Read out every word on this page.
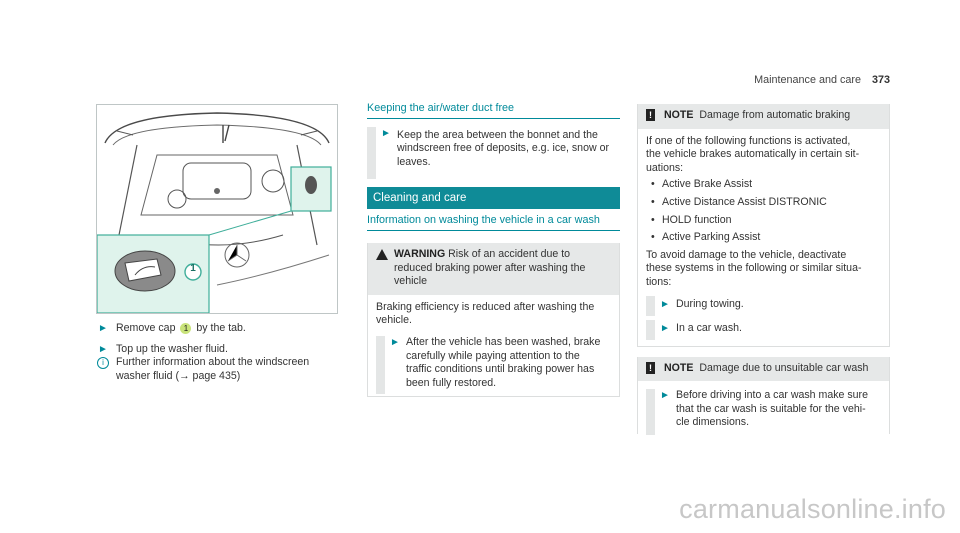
Maintenance and care 373
1
► Remove cap 1 by the tab.
► Top up the washer fluid.
i	Further information about the windscreen
washer fluid (→ page 435)
Keeping the air/water duct free
► Keep the area between the bonnet and the
windscreen free of deposits, e.g. ice, snow or
leaves.
Cleaning and care
Information on washing the vehicle in a car wash
WARNING Risk of an accident due to
reduced braking power after washing the
vehicle
Braking efficiency is reduced after washing the
vehicle.
► After the vehicle has been washed, brake
carefully while paying attention to the
traffic conditions until braking power has
been fully restored.
! NOTE Damage from automatic braking
If one of the following functions is activated,
the vehicle brakes automatically in certain sit-
uations:
• Active Brake Assist
• Active Distance Assist DISTRONIC
• HOLD function
• Active Parking Assist
To avoid damage to the vehicle, deactivate
these systems in the following or similar situa-
tions:
► During towing.
► In a car wash.
! NOTE Damage due to unsuitable car wash
► Before driving into a car wash make sure
that the car wash is suitable for the vehi-
cle dimensions.
carmanualsonline.info
